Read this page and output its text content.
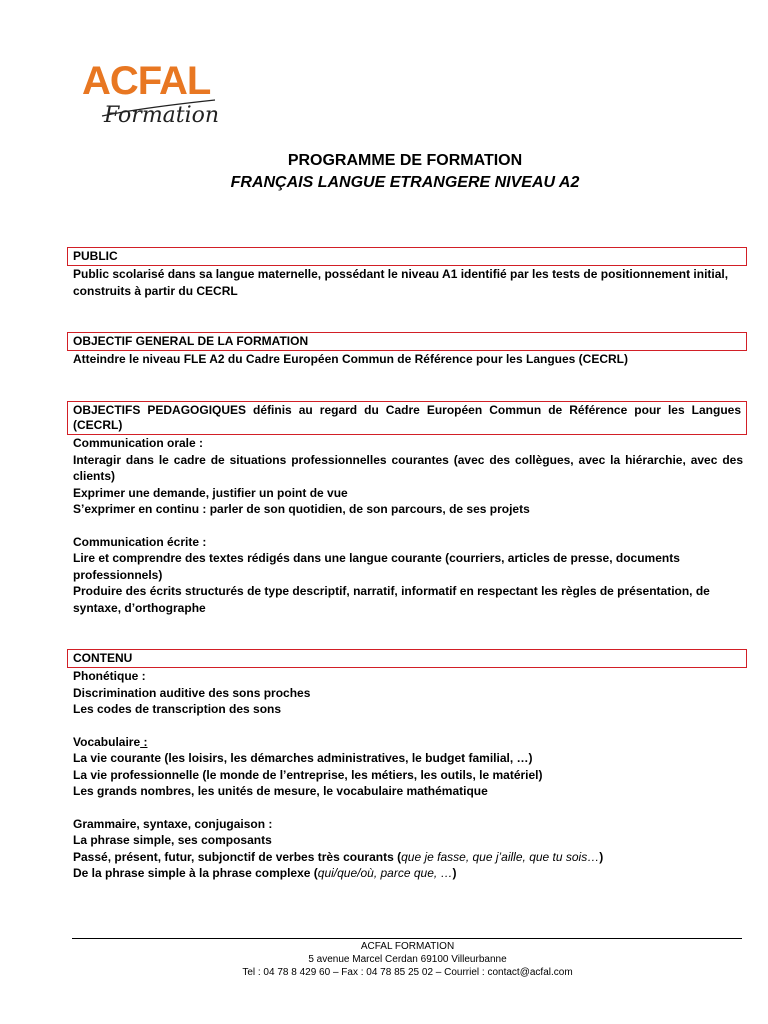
ACFAL
Formation
PROGRAMME DE FORMATION
FRANÇAIS LANGUE ETRANGERE NIVEAU A2
PUBLIC
Public scolarisé dans sa langue maternelle, possédant le niveau A1 identifié par les tests de positionnement initial, construits à partir du CECRL
OBJECTIF GENERAL DE LA FORMATION
Atteindre le niveau FLE A2 du Cadre Européen Commun de Référence pour les Langues (CECRL)
OBJECTIFS PEDAGOGIQUES définis au regard du Cadre Européen Commun de Référence pour les Langues (CECRL)

Communication orale :

Interagir dans le cadre de situations professionnelles courantes (avec des collègues, avec la hiérarchie, avec des clients)

Exprimer une demande, justifier un point de vue

S’exprimer en continu : parler de son quotidien, de son parcours, de ses projets

Communication écrite :

Lire et comprendre des textes rédigés dans une langue courante (courriers, articles de presse, documents professionnels)

Produire des écrits structurés de type descriptif, narratif, informatif en respectant les règles de présentation, de syntaxe, d’orthographe

CONTENU

Phonétique :

Discrimination auditive des sons proches

Les codes de transcription des sons

Vocabulaire :

La vie courante (les loisirs, les démarches administratives, le budget familial, …)

La vie professionnelle (le monde de l’entreprise, les métiers, les outils, le matériel)

Les grands nombres, les unités de mesure, le vocabulaire mathématique

Grammaire, syntaxe, conjugaison :

La phrase simple, ses composants

Passé, présent, futur, subjonctif de verbes très courants (que je fasse, que j’aille, que tu sois…)

De la phrase simple à la phrase complexe (qui/que/où, parce que, …)

ACFAL FORMATION
5 avenue Marcel Cerdan 69100 Villeurbanne
Tel : 04 78 8 429 60 – Fax : 04 78 85 25 02 – Courriel : contact@acfal.com
